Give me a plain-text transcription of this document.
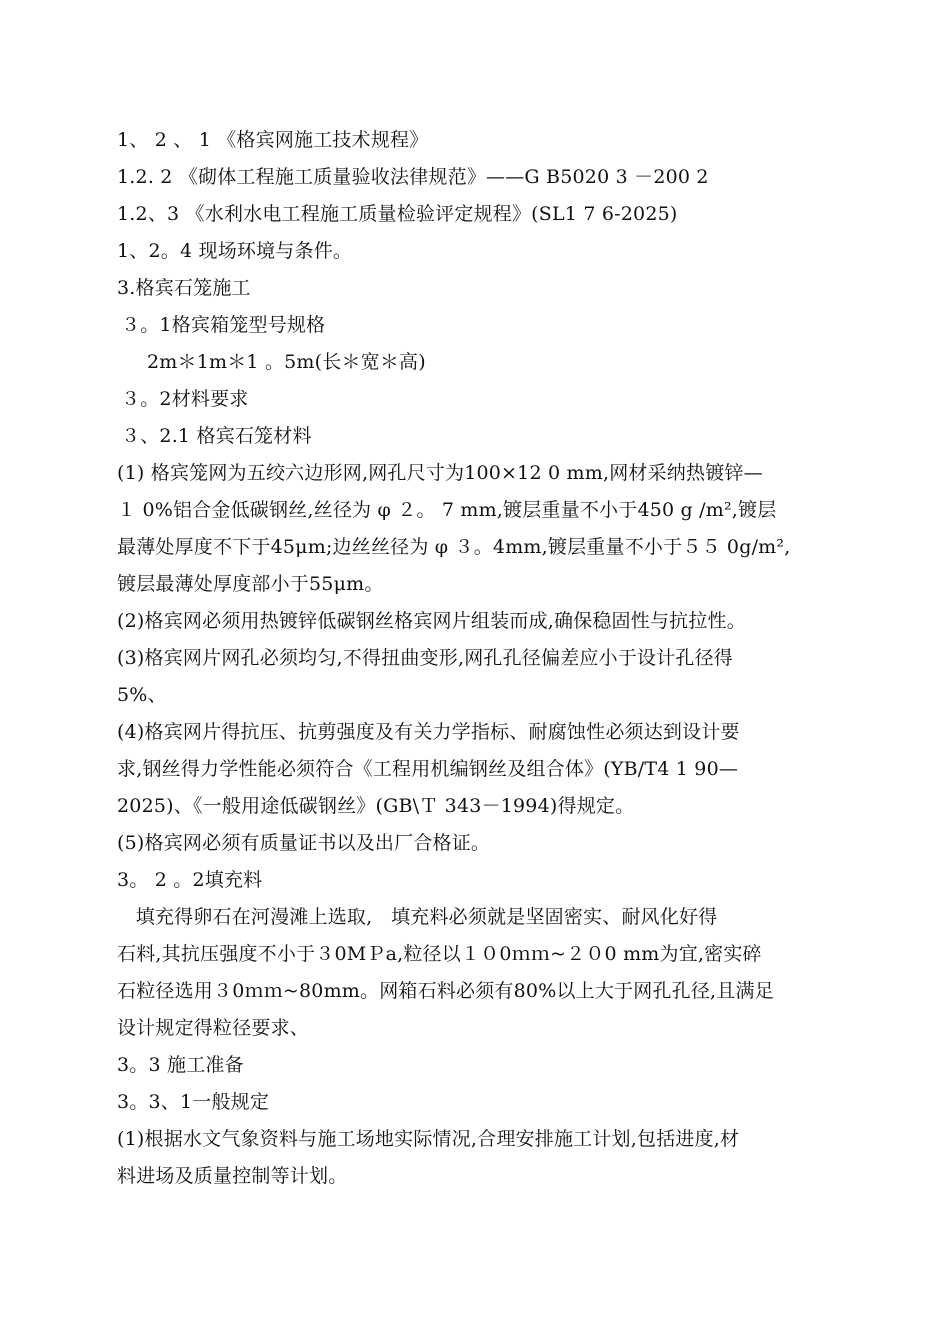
1、 2 、 1 《格宾网施工技术规程》
1.2. 2 《砌体工程施工质量验收法律规范》——G B5020 3 －200 2
1.2、3 《水利水电工程施工质量检验评定规程》(SL1 7 6-2025)
1、2。4 现场环境与条件。
3.格宾石笼施工
３。1格宾箱笼型号规格
2m＊1m＊1 。5m(长＊宽＊高)
３。2材料要求
３、2.1 格宾石笼材料
(1) 格宾笼网为五绞六边形网,网孔尺寸为100×12 0 mm,网材采纳热镀锌—
１ 0%铝合金低碳钢丝,丝径为 φ ２。 7 mm,镀层重量不小于450 g /m²,镀层
最薄处厚度不下于45μm;边丝丝径为 φ ３。4mm,镀层重量不小于５５ 0g/m²,
镀层最薄处厚度部小于55μm。
(2)格宾网必须用热镀锌低碳钢丝格宾网片组装而成,确保稳固性与抗拉性。
(3)格宾网片网孔必须均匀,不得扭曲变形,网孔孔径偏差应小于设计孔径得
5%、
(4)格宾网片得抗压、抗剪强度及有关力学指标、耐腐蚀性必须达到设计要
求,钢丝得力学性能必须符合《工程用机编钢丝及组合体》(YB/T4 1 90—
2025)、《一般用途低碳钢丝》(GB\Ｔ 343－1994)得规定。
(5)格宾网必须有质量证书以及出厂合格证。
3。 2 。2填充料
填充得卵石在河漫滩上选取,   填充料必须就是坚固密实、耐风化好得
石料,其抗压强度不小于３0MＰa,粒径以１０0ｍｍ~２０0 mm为宜,密实碎
石粒径选用３0ｍｍ~80mm。网箱石料必须有80%以上大于网孔孔径,且满足
设计规定得粒径要求、
3。3 施工准备
3。3、1一般规定
(1)根据水文气象资料与施工场地实际情况,合理安排施工计划,包括进度,材
料进场及质量控制等计划。
